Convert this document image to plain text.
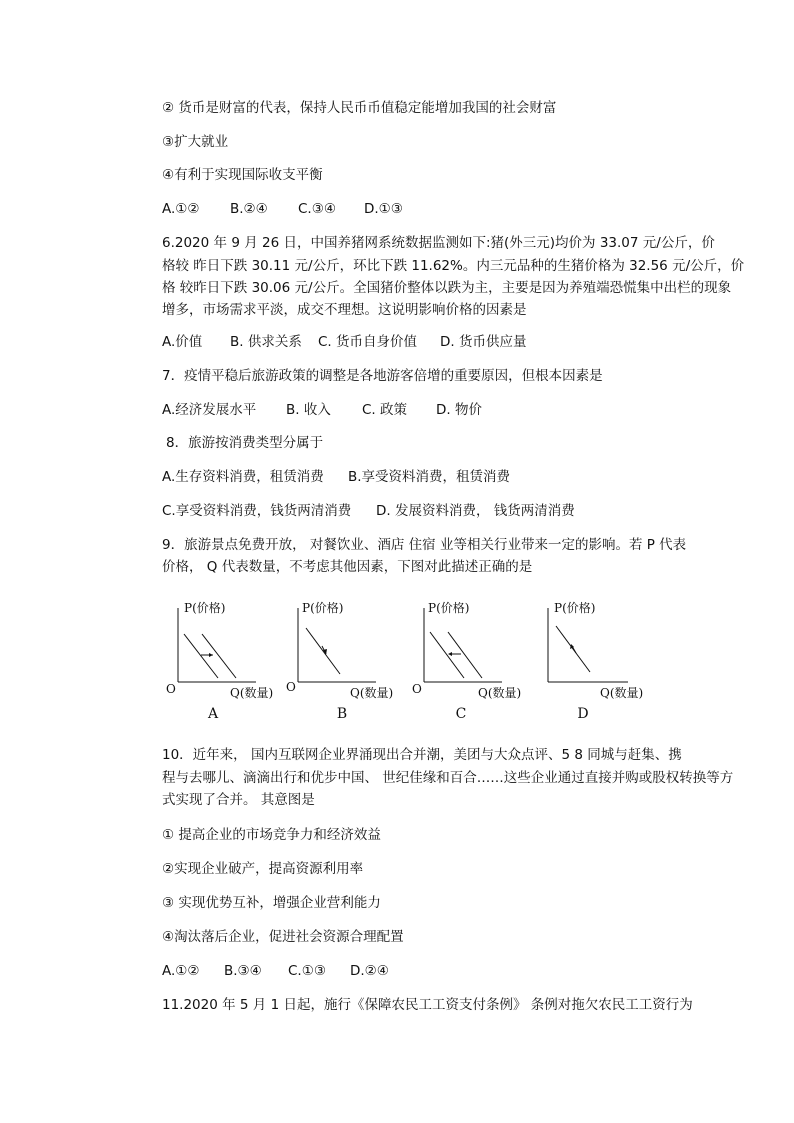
② 货币是财富的代表，保持人民币币值稳定能增加我国的社会财富
③扩大就业
④有利于实现国际收支平衡
A.①② B.②④ C.③④ D.①③
6.2020 年 9 月 26 日，中国养猪网系统数据监测如下:猪(外三元)均价为 33.07 元/公斤，价
格较 昨日下跌 30.11 元/公斤，环比下跌 11.62%。内三元品种的生猪价格为 32.56 元/公斤，价
格 较昨日下跌 30.06 元/公斤。全国猪价整体以跌为主，主要是因为养殖端恐慌集中出栏的现象
增多，市场需求平淡，成交不理想。这说明影响价格的因素是
A.价值 B. 供求关系 C. 货币自身价值 D. 货币供应量
7．疫情平稳后旅游政策的调整是各地游客倍增的重要原因，但根本因素是
A.经济发展水平 B. 收入 C. 政策 D. 物价
8．旅游按消费类型分属于
A.生存资料消费，租赁消费 B.享受资料消费，租赁消费
C.享受资料消费，钱货两清消费 D. 发展资料消费， 钱货两清消费
9．旅游景点免费开放， 对餐饮业、酒店 住宿 业等相关行业带来一定的影响。若 P 代表
价格， Q 代表数量，不考虑其他因素，下图对此描述正确的是
P(价格)
O	Q(数量)
A
P(价格)
O	Q(数量)
B
P(价格)
O	Q(数量)
C
P(价格)
Q(数量)
D
10．近年来， 国内互联网企业界涌现出合并潮，美团与大众点评、5 8 同城与赶集、携
程与去哪儿、滴滴出行和优步中国、 世纪佳缘和百合……这些企业通过直接并购或股权转换等方
式实现了合并。 其意图是
① 提高企业的市场竞争力和经济效益
②实现企业破产，提高资源利用率
③ 实现优势互补，增强企业营利能力
④淘汰落后企业，促进社会资源合理配置
A.①② B.③④ C.①③ D.②④
11.2020 年 5 月 1 日起，施行《保障农民工工资支付条例》 条例对拖欠农民工工资行为
